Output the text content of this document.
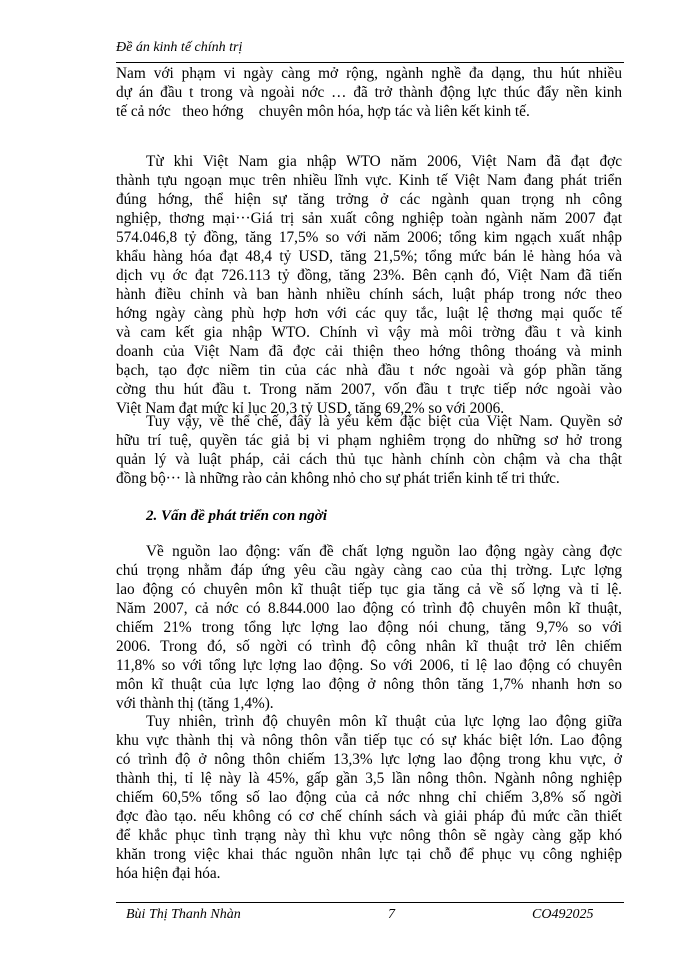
Đề án kinh tế chính trị
Nam với phạm vi ngày càng mở rộng, ngành nghề đa dạng, thu hút nhiều
dự án đầu t trong và ngoài nớc … đã trở thành động lực thúc đẩy nền kinh
tế cả nớc   theo hớng    chuyên môn hóa, hợp tác và liên kết kinh tế.
Từ khi Việt Nam gia nhập WTO năm 2006, Việt Nam đã đạt đợc
thành tựu ngoạn mục trên nhiều lĩnh vực. Kinh tế Việt Nam đang phát triển
đúng hớng, thể hiện sự tăng trởng ở các ngành quan trọng nh công
nghiệp, thơng mại···Giá trị sản xuất công nghiệp toàn ngành năm 2007 đạt
574.046,8 tỷ đồng, tăng 17,5% so với năm 2006; tổng kim ngạch xuất nhập
khẩu hàng hóa đạt 48,4 tỷ USD, tăng 21,5%; tổng mức bán lẻ hàng hóa và
dịch vụ ớc đạt 726.113 tỷ đồng, tăng 23%. Bên cạnh đó, Việt Nam đã tiến
hành điều chỉnh và ban hành nhiều chính sách, luật pháp trong nớc theo
hớng ngày càng phù hợp hơn với các quy tắc, luật lệ thơng mại quốc tế
và cam kết gia nhập WTO. Chính vì vậy mà môi trờng đầu t và kinh
doanh của Việt Nam đã đợc cải thiện theo hớng thông thoáng và minh
bạch, tạo đợc niềm tin của các nhà đầu t nớc ngoài và góp phần tăng
cờng thu hút đầu t. Trong năm 2007, vốn đầu t trực tiếp nớc ngoài vào
Việt Nam đạt mức kỉ lục 20,3 tỷ USD, tăng 69,2% so với 2006.
Tuy vậy, về thể chế, đây là yếu kém đặc biệt của Việt Nam. Quyền sở
hữu trí tuệ, quyền tác giả bị vi phạm nghiêm trọng do những sơ hở trong
quản lý và luật pháp, cải cách thủ tục hành chính còn chậm và cha thật
đồng bộ··· là những rào cản không nhỏ cho sự phát triển kinh tế tri thức.
2. Vấn đề phát triển con ngời
Về nguồn lao động: vấn đề chất lợng nguồn lao động ngày càng đợc
chú trọng nhằm đáp ứng yêu cầu ngày càng cao của thị trờng. Lực lợng
lao động có chuyên môn kĩ thuật tiếp tục gia tăng cả về số lợng và tỉ lệ.
Năm 2007, cả nớc có 8.844.000 lao động có trình độ chuyên môn kĩ thuật,
chiếm 21% trong tổng lực lợng lao động nói chung, tăng 9,7% so với
2006. Trong đó, số ngời có trình độ công nhân kĩ thuật trở lên chiếm
11,8% so với tổng lực lợng lao động. So với 2006, tỉ lệ lao động có chuyên
môn kĩ thuật của lực lợng lao động ở nông thôn tăng 1,7% nhanh hơn so
với thành thị (tăng 1,4%).
Tuy nhiên, trình độ chuyên môn kĩ thuật của lực lợng lao động giữa
khu vực thành thị và nông thôn vẫn tiếp tục có sự khác biệt lớn. Lao động
có trình độ ở nông thôn chiếm 13,3% lực lợng lao động trong khu vực, ở
thành thị, tỉ lệ này là 45%, gấp gần 3,5 lần nông thôn. Ngành nông nghiệp
chiếm 60,5% tổng số lao động của cả nớc nhng chỉ chiếm 3,8% số ngời
đợc đào tạo. nếu không có cơ chế chính sách và giải pháp đủ mức cần thiết
để khắc phục tình trạng này thì khu vực nông thôn sẽ ngày càng gặp khó
khăn trong việc khai thác nguồn nhân lực tại chỗ để phục vụ công nghiệp
hóa hiện đại hóa.
Bùi Thị Thanh Nhàn	7	CO492025
